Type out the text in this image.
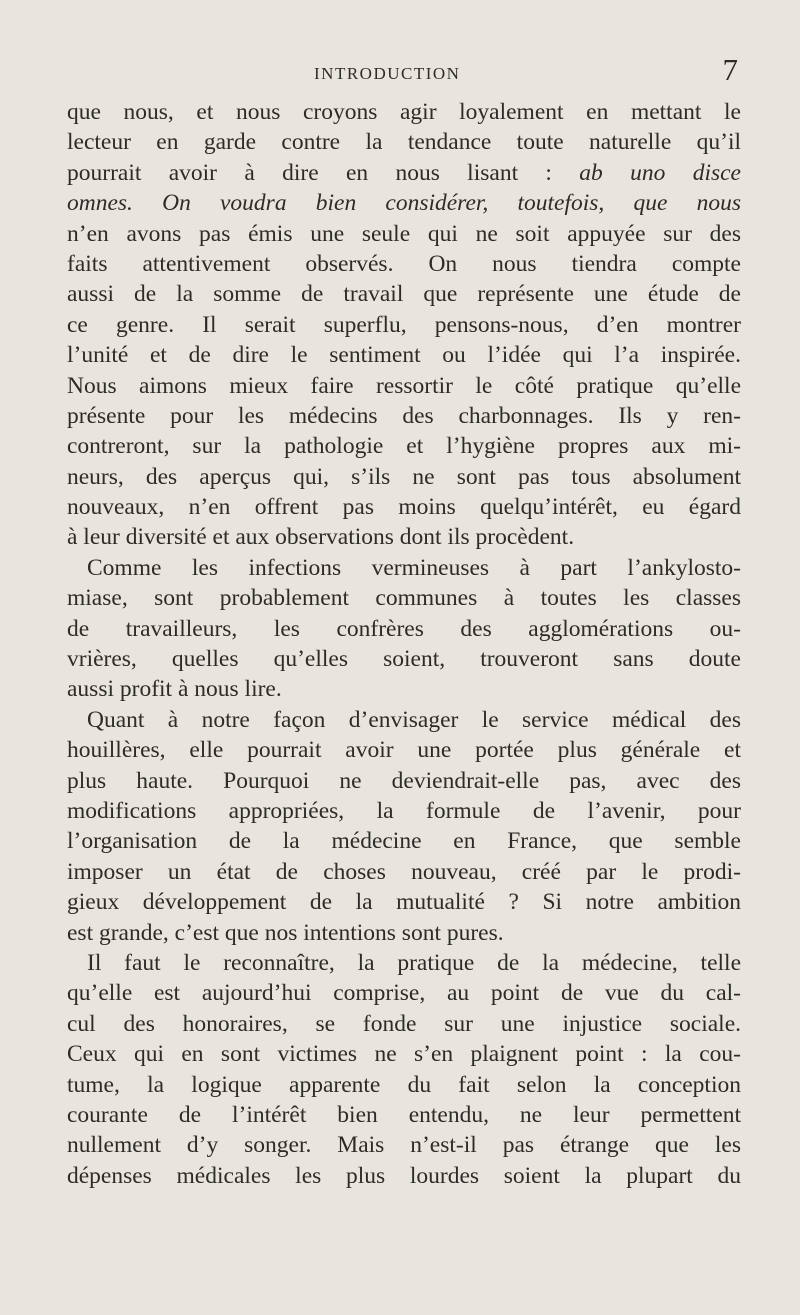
INTRODUCTION	7
que nous, et nous croyons agir loyalement en mettant le
lecteur en garde contre la tendance toute naturelle qu’il
pourrait avoir à dire en nous lisant : ab uno disce
omnes. On voudra bien considérer, toutefois, que nous
n’en avons pas émis une seule qui ne soit appuyée sur des
faits attentivement observés. On nous tiendra compte
aussi de la somme de travail que représente une étude de
ce genre. Il serait superflu, pensons-nous, d’en montrer
l’unité et de dire le sentiment ou l’idée qui l’a inspirée.
Nous aimons mieux faire ressortir le côté pratique qu’elle
présente pour les médecins des charbonnages. Ils y ren-
contreront, sur la pathologie et l’hygiène propres aux mi-
neurs, des aperçus qui, s’ils ne sont pas tous absolument
nouveaux, n’en offrent pas moins quelqu’intérêt, eu égard
à leur diversité et aux observations dont ils procèdent.
Comme les infections vermineuses à part l’ankylosto-
miase, sont probablement communes à toutes les classes
de travailleurs, les confrères des agglomérations ou-
vrières, quelles qu’elles soient, trouveront sans doute
aussi profit à nous lire.
Quant à notre façon d’envisager le service médical des
houillères, elle pourrait avoir une portée plus générale et
plus haute. Pourquoi ne deviendrait-elle pas, avec des
modifications appropriées, la formule de l’avenir, pour
l’organisation de la médecine en France, que semble
imposer un état de choses nouveau, créé par le prodi-
gieux développement de la mutualité ? Si notre ambition
est grande, c’est que nos intentions sont pures.
Il faut le reconnaître, la pratique de la médecine, telle
qu’elle est aujourd’hui comprise, au point de vue du cal-
cul des honoraires, se fonde sur une injustice sociale.
Ceux qui en sont victimes ne s’en plaignent point : la cou-
tume, la logique apparente du fait selon la conception
courante de l’intérêt bien entendu, ne leur permettent
nullement d’y songer. Mais n’est-il pas étrange que les
dépenses médicales les plus lourdes soient la plupart du
